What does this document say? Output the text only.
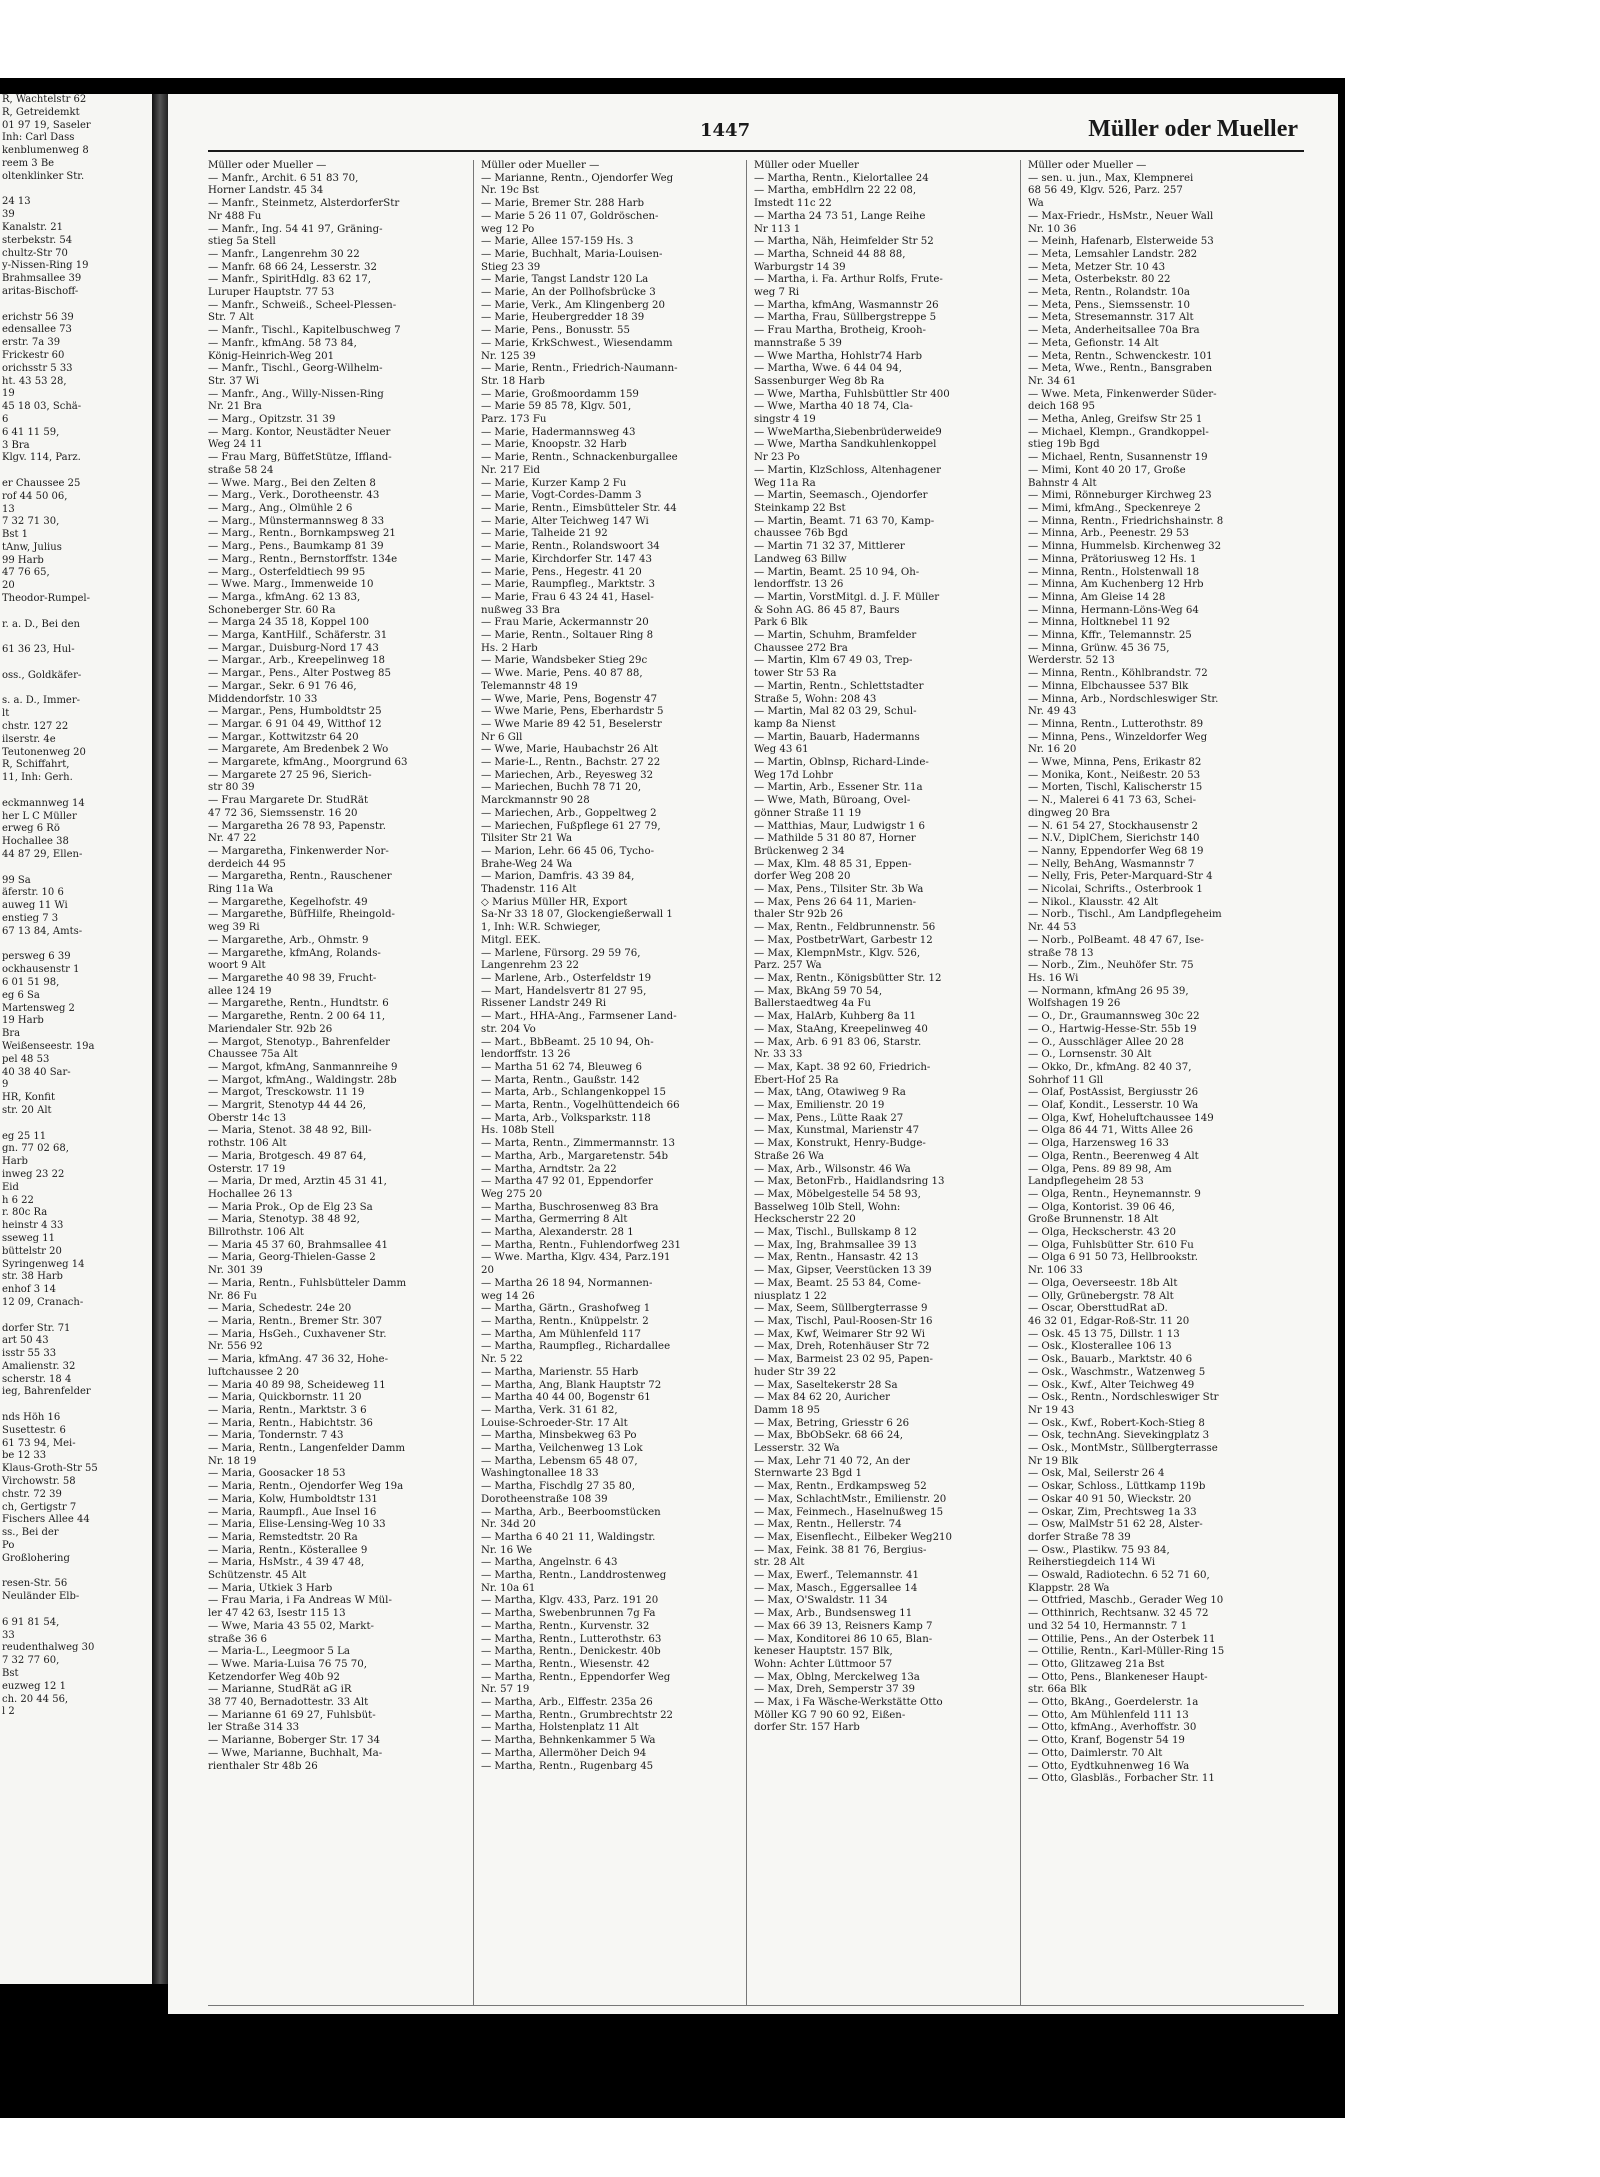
R, Wachtelstr 62
R, Getreidemkt
01 97 19, Saseler
Inh: Carl Dass
kenblumenweg 8
reem 3 Be
oltenklinker Str.

24 13
39
Kanalstr. 21
sterbekstr. 54
chultz-Str 70
y-Nissen-Ring 19
Brahmsallee 39
aritas-Bischoff-

erichstr 56 39
edensallee 73
erstr. 7a 39
Frickestr 60
orichsstr 5 33
ht. 43 53 28,
19
45 18 03, Schä-
6
6 41 11 59,
3 Bra
Klgv. 114, Parz.

er Chaussee 25
rof 44 50 06,
13
7 32 71 30,
Bst 1
tAnw, Julius
99 Harb
47 76 65,
20
Theodor-Rumpel-

r. a. D., Bei den

61 36 23, Hul-

oss., Goldkäfer-

s. a. D., Immer-
lt
chstr. 127 22
ilserstr. 4e
Teutonenweg 20
R, Schiffahrt,
11, Inh: Gerh.

eckmannweg 14
her L C Müller
erweg 6 Rö
Hochallee 38
44 87 29, Ellen-

99 Sa
äferstr. 10 6
auweg 11 Wi
enstieg 7 3
67 13 84, Amts-

persweg 6 39
ockhausenstr 1
6 01 51 98,
eg 6 Sa
Martensweg 2
19 Harb
Bra
Weißenseestr. 19a
pel 48 53
40 38 40 Sar-
9
HR, Konfit
str. 20 Alt

eg 25 11
gn. 77 02 68,
Harb
inweg 23 22
Eid
h 6 22
r. 80c Ra
heinstr 4 33
sseweg 11
büttelstr 20
Syringenweg 14
str. 38 Harb
enhof 3 14
12 09, Cranach-

dorfer Str. 71
art 50 43
isstr 55 33
Amalienstr. 32
scherstr. 18 4
ieg, Bahrenfelder

nds Höh 16
Susettestr. 6
61 73 94, Mei-
be 12 33
Klaus-Groth-Str 55
Virchowstr. 58
chstr. 72 39
ch, Gertigstr 7
Fischers Allee 44
ss., Bei der
Po
Großlohering

resen-Str. 56
Neuländer Elb-

6 91 81 54,
33
reudenthalweg 30
7 32 77 60,
Bst
euzweg 12 1
ch. 20 44 56,
l 2
1447	Müller oder Mueller
Müller oder Mueller —
— Manfr., Archit. 6 51 83 70,
Horner Landstr. 45 34
— Manfr., Steinmetz, AlsterdorferStr
Nr 488 Fu
— Manfr., Ing. 54 41 97, Gräning-
stieg 5a Stell
— Manfr., Langenrehm 30 22
— Manfr. 68 66 24, Lesserstr. 32
— Manfr., SpiritHdlg. 83 62 17,
Luruper Hauptstr. 77 53
— Manfr., Schweiß., Scheel-Plessen-
Str. 7 Alt
— Manfr., Tischl., Kapitelbuschweg 7
— Manfr., kfmAng. 58 73 84,
König-Heinrich-Weg 201
— Manfr., Tischl., Georg-Wilhelm-
Str. 37 Wi
— Manfr., Ang., Willy-Nissen-Ring
Nr. 21 Bra
— Marg., Opitzstr. 31 39
— Marg. Kontor, Neustädter Neuer
Weg 24 11
— Frau Marg, BüffetStütze, Iffland-
straße 58 24
— Wwe. Marg., Bei den Zelten 8
— Marg., Verk., Dorotheenstr. 43
— Marg., Ang., Olmühle 2 6
— Marg., Münstermannsweg 8 33
— Marg., Rentn., Bornkampsweg 21
— Marg., Pens., Baumkamp 81 39
— Marg., Rentn., Bernstorffstr. 134e
— Marg., Osterfeldtiech 99 95
— Wwe. Marg., Immenweide 10
— Marga., kfmAng. 62 13 83,
Schoneberger Str. 60 Ra
— Marga 24 35 18, Koppel 100
— Marga, KantHilf., Schäferstr. 31
— Margar., Duisburg-Nord 17 43
— Margar., Arb., Kreepelinweg 18
— Margar., Pens., Alter Postweg 85
— Margar., Sekr. 6 91 76 46,
Middendorfstr. 10 33
— Margar., Pens, Humboldtstr 25
— Margar. 6 91 04 49, Witthof 12
— Margar., Kottwitzstr 64 20
— Margarete, Am Bredenbek 2 Wo
— Margarete, kfmAng., Moorgrund 63
— Margarete 27 25 96, Sierich-
str 80 39
— Frau Margarete Dr. StudRät
47 72 36, Siemssenstr. 16 20
— Margaretha 26 78 93, Papenstr.
Nr. 47 22
— Margaretha, Finkenwerder Nor-
derdeich 44 95
— Margaretha, Rentn., Rauschener
Ring 11a Wa
— Margarethe, Kegelhofstr. 49
— Margarethe, BüfHilfe, Rheingold-
weg 39 Ri
— Margarethe, Arb., Ohmstr. 9
— Margarethe, kfmAng, Rolands-
woort 9 Alt
— Margarethe 40 98 39, Frucht-
allee 124 19
— Margarethe, Rentn., Hundtstr. 6
— Margarethe, Rentn. 2 00 64 11,
Mariendaler Str. 92b 26
— Margot, Stenotyp., Bahrenfelder
Chaussee 75a Alt
— Margot, kfmAng, Sanmannreihe 9
— Margot, kfmAng., Waldingstr. 28b
— Margot, Tresckowstr. 11 19
— Margrit, Stenotyp 44 44 26,
Oberstr 14c 13
— Maria, Stenot. 38 48 92, Bill-
rothstr. 106 Alt
— Maria, Brotgesch. 49 87 64,
Osterstr. 17 19
— Maria, Dr med, Ärztin 45 31 41,
Hochallee 26 13
— Maria Prok., Op de Elg 23 Sa
— Maria, Stenotyp. 38 48 92,
Billrothstr. 106 Alt
— Maria 45 37 60, Brahmsallee 41
— Maria, Georg-Thielen-Gasse 2
Nr. 301 39
— Maria, Rentn., Fuhlsbütteler Damm
Nr. 86 Fu
— Maria, Schedestr. 24e 20
— Maria, Rentn., Bremer Str. 307
— Maria, HsGeh., Cuxhavener Str.
Nr. 556 92
— Maria, kfmAng. 47 36 32, Hohe-
luftchaussee 2 20
— Maria 40 89 98, Scheideweg 11
— Maria, Quickbornstr. 11 20
— Maria, Rentn., Marktstr. 3 6
— Maria, Rentn., Habichtstr. 36
— Maria, Tondernstr. 7 43
— Maria, Rentn., Langenfelder Damm
Nr. 18 19
— Maria, Goosacker 18 53
— Maria, Rentn., Ojendorfer Weg 19a
— Maria, Kolw, Humboldtstr 131
— Maria, Raumpfl., Aue Insel 16
— Maria, Elise-Lensing-Weg 10 33
— Maria, Remstedtstr. 20 Ra
— Maria, Rentn., Kösterallee 9
— Maria, HsMstr., 4 39 47 48,
Schützenstr. 45 Alt
— Maria, Utkiek 3 Harb
— Frau Maria, i Fa Andreas W Mül-
ler 47 42 63, Isestr 115 13
— Wwe, Maria 43 55 02, Markt-
straße 36 6
— Maria-L., Leegmoor 5 La
— Wwe. Maria-Luisa 76 75 70,
Ketzendorfer Weg 40b 92
— Marianne, StudRät aG iR
38 77 40, Bernadottestr. 33 Alt
— Marianne 61 69 27, Fuhlsbüt-
ler Straße 314 33
— Marianne, Boberger Str. 17 34
— Wwe, Marianne, Buchhalt, Ma-
rienthaler Str 48b 26
Müller oder Mueller —
— Marianne, Rentn., Ojendorfer Weg
Nr. 19c Bst
— Marie, Bremer Str. 288 Harb
— Marie 5 26 11 07, Goldröschen-
weg 12 Po
— Marie, Allee 157-159 Hs. 3
— Marie, Buchhalt, Maria-Louisen-
Stieg 23 39
— Marie, Tangst Landstr 120 La
— Marie, An der Pollhofsbrücke 3
— Marie, Verk., Am Klingenberg 20
— Marie, Heubergredder 18 39
— Marie, Pens., Bonusstr. 55
— Marie, KrkSchwest., Wiesendamm
Nr. 125 39
— Marie, Rentn., Friedrich-Naumann-
Str. 18 Harb
— Marie, Großmoordamm 159
— Marie 59 85 78, Klgv. 501,
Parz. 173 Fu
— Marie, Hadermannsweg 43
— Marie, Knoopstr. 32 Harb
— Marie, Rentn., Schnackenburgallee
Nr. 217 Eid
— Marie, Kurzer Kamp 2 Fu
— Marie, Vogt-Cordes-Damm 3
— Marie, Rentn., Eimsbütteler Str. 44
— Marie, Alter Teichweg 147 Wi
— Marie, Talheide 21 92
— Marie, Rentn., Rolandswoort 34
— Marie, Kirchdorfer Str. 147 43
— Marie, Pens., Hegestr. 41 20
— Marie, Raumpfleg., Marktstr. 3
— Marie, Frau 6 43 24 41, Hasel-
nußweg 33 Bra
— Frau Marie, Ackermannstr 20
— Marie, Rentn., Soltauer Ring 8
Hs. 2 Harb
— Marie, Wandsbeker Stieg 29c
— Wwe. Marie, Pens. 40 87 88,
Telemannstr 48 19
— Wwe, Marie, Pens, Bogenstr 47
— Wwe Marie, Pens, Eberhardstr 5
— Wwe Marie 89 42 51, Beselerstr
Nr 6 Gll
— Wwe, Marie, Haubachstr 26 Alt
— Marie-L., Rentn., Bachstr. 27 22
— Mariechen, Arb., Reyesweg 32
— Mariechen, Buchh 78 71 20,
Marckmannstr 90 28
— Mariechen, Arb., Goppeltweg 2
— Mariechen, Fußpflege 61 27 79,
Tilsiter Str 21 Wa
— Marion, Lehr. 66 45 06, Tycho-
Brahe-Weg 24 Wa
— Marion, Damfris. 43 39 84,
Thadenstr. 116 Alt
◇ Marius Müller HR, Export
Sa-Nr 33 18 07, Glockengießerwall 1
1, Inh: W.R. Schwieger,
Mitgl. EEK.
— Marlene, Fürsorg. 29 59 76,
Langenrehm 23 22
— Marlene, Arb., Osterfeldstr 19
— Mart, Handelsvertr 81 27 95,
Rissener Landstr 249 Ri
— Mart., HHA-Ang., Farmsener Land-
str. 204 Vo
— Mart., BbBeamt. 25 10 94, Oh-
lendorffstr. 13 26
— Martha 51 62 74, Bleuweg 6
— Marta, Rentn., Gaußstr. 142
— Marta, Arb., Schlangenkoppel 15
— Marta, Rentn., Vogelhüttendeich 66
— Marta, Arb., Volksparkstr. 118
Hs. 108b Stell
— Marta, Rentn., Zimmermannstr. 13
— Martha, Arb., Margaretenstr. 54b
— Martha, Arndtstr. 2a 22
— Martha 47 92 01, Eppendorfer
Weg 275 20
— Martha, Buschrosenweg 83 Bra
— Martha, Germerring 8 Alt
— Martha, Alexanderstr. 28 1
— Martha, Rentn., Fuhlendorfweg 231
— Wwe. Martha, Klgv. 434, Parz.191
20
— Martha 26 18 94, Normannen-
weg 14 26
— Martha, Gärtn., Grashofweg 1
— Martha, Rentn., Knüppelstr. 2
— Martha, Am Mühlenfeld 117
— Martha, Raumpfleg., Richardallee
Nr. 5 22
— Martha, Marienstr. 55 Harb
— Martha, Ang, Blank Hauptstr 72
— Martha 40 44 00, Bogenstr 61
— Martha, Verk. 31 61 82,
Louise-Schroeder-Str. 17 Alt
— Martha, Minsbekweg 63 Po
— Martha, Veilchenweg 13 Lok
— Martha, Lebensm 65 48 07,
Washingtonallee 18 33
— Martha, Fischdlg 27 35 80,
Dorotheenstraße 108 39
— Martha, Arb., Beerboomstücken
Nr. 34d 20
— Martha 6 40 21 11, Waldingstr.
Nr. 16 We
— Martha, Angelnstr. 6 43
— Martha, Rentn., Landdrostenweg
Nr. 10a 61
— Martha, Klgv. 433, Parz. 191 20
— Martha, Swebenbrunnen 7g Fa
— Martha, Rentn., Kurvenstr. 32
— Martha, Rentn., Lutterothstr. 63
— Martha, Rentn., Denickestr. 40b
— Martha, Rentn., Wiesenstr. 42
— Martha, Rentn., Eppendorfer Weg
Nr. 57 19
— Martha, Arb., Elffestr. 235a 26
— Martha, Rentn., Grumbrechtstr 22
— Martha, Holstenplatz 11 Alt
— Martha, Behnkenkammer 5 Wa
— Martha, Allermöher Deich 94
— Martha, Rentn., Rugenbarg 45
Müller oder Mueller
— Martha, Rentn., Kielortallee 24
— Martha, embHdlrn 22 22 08,
Imstedt 11c 22
— Martha 24 73 51, Lange Reihe
Nr 113 1
— Martha, Näh, Heimfelder Str 52
— Martha, Schneid 44 88 88,
Warburgstr 14 39
— Martha, i. Fa. Arthur Rolfs, Frute-
weg 7 Ri
— Martha, kfmAng, Wasmannstr 26
— Martha, Frau, Süllbergstreppe 5
— Frau Martha, Brotheig, Krooh-
mannstraße 5 39
— Wwe Martha, Hohlstr74 Harb
— Martha, Wwe. 6 44 04 94,
Sassenburger Weg 8b Ra
— Wwe, Martha, Fuhlsbüttler Str 400
— Wwe, Martha 40 18 74, Cla-
singstr 4 19
— WweMartha,Siebenbrüderweide9
— Wwe, Martha Sandkuhlenkoppel
Nr 23 Po
— Martin, KlzSchloss, Altenhagener
Weg 11a Ra
— Martin, Seemasch., Ojendorfer
Steinkamp 22 Bst
— Martin, Beamt. 71 63 70, Kamp-
chaussee 76b Bgd
— Martin 71 32 37, Mittlerer
Landweg 63 Billw
— Martin, Beamt. 25 10 94, Oh-
lendorffstr. 13 26
— Martin, VorstMitgl. d. J. F. Müller
& Sohn AG. 86 45 87, Baurs
Park 6 Blk
— Martin, Schuhm, Bramfelder
Chaussee 272 Bra
— Martin, Klm 67 49 03, Trep-
tower Str 53 Ra
— Martin, Rentn., Schlettstadter
Straße 5, Wohn: 208 43
— Martin, Mal 82 03 29, Schul-
kamp 8a Nienst
— Martin, Bauarb, Hadermanns
Weg 43 61
— Martin, Oblnsp, Richard-Linde-
Weg 17d Lohbr
— Martin, Arb., Essener Str. 11a
— Wwe, Math, Büroang, Ovel-
gönner Straße 11 19
— Matthias, Maur, Ludwigstr 1 6
— Mathilde 5 31 80 87, Horner
Brückenweg 2 34
— Max, Klm. 48 85 31, Eppen-
dorfer Weg 208 20
— Max, Pens., Tilsiter Str. 3b Wa
— Max, Pens 26 64 11, Marien-
thaler Str 92b 26
— Max, Rentn., Feldbrunnenstr. 56
— Max, PostbetrWart, Garbestr 12
— Max, KlempnMstr., Klgv. 526,
Parz. 257 Wa
— Max, Rentn., Königsbütter Str. 12
— Max, BkAng 59 70 54,
Ballerstaedtweg 4a Fu
— Max, HalArb, Kuhberg 8a 11
— Max, StaAng, Kreepelinweg 40
— Max, Arb. 6 91 83 06, Starstr.
Nr. 33 33
— Max, Kapt. 38 92 60, Friedrich-
Ebert-Hof 25 Ra
— Max, tAng, Otawiweg 9 Ra
— Max, Emilienstr. 20 19
— Max, Pens., Lütte Raak 27
— Max, Kunstmal, Marienstr 47
— Max, Konstrukt, Henry-Budge-
Straße 26 Wa
— Max, Arb., Wilsonstr. 46 Wa
— Max, BetonFrb., Haidlandsring 13
— Max, Möbelgestelle 54 58 93,
Basselweg 10lb Stell, Wohn:
Heckscherstr 22 20
— Max, Tischl., Bullskamp 8 12
— Max, Ing, Brahmsallee 39 13
— Max, Rentn., Hansastr. 42 13
— Max, Gipser, Veerstücken 13 39
— Max, Beamt. 25 53 84, Come-
niusplatz 1 22
— Max, Seem, Süllbergterrasse 9
— Max, Tischl, Paul-Roosen-Str 16
— Max, Kwf, Weimarer Str 92 Wi
— Max, Dreh, Rotenhäuser Str 72
— Max, Barmeist 23 02 95, Papen-
huder Str 39 22
— Max, Saseltekerstr 28 Sa
— Max 84 62 20, Auricher
Damm 18 95
— Max, Betring, Griesstr 6 26
— Max, BbObSekr. 68 66 24,
Lesserstr. 32 Wa
— Max, Lehr 71 40 72, An der
Sternwarte 23 Bgd 1
— Max, Rentn., Erdkampsweg 52
— Max, SchlachtMstr., Emilienstr. 20
— Max, Feinmech., Haselnußweg 15
— Max, Rentn., Hellerstr. 74
— Max, Eisenflecht., Eilbeker Weg210
— Max, Feink. 38 81 76, Bergius-
str. 28 Alt
— Max, Ewerf., Telemannstr. 41
— Max, Masch., Eggersallee 14
— Max, O'Swaldstr. 11 34
— Max, Arb., Bundsensweg 11
— Max 66 39 13, Reisners Kamp 7
— Max, Konditorei 86 10 65, Blan-
keneser Hauptstr. 157 Blk,
Wohn: Achter Lüttmoor 57
— Max, Oblng, Merckelweg 13a
— Max, Dreh, Semperstr 37 39
— Max, i Fa Wäsche-Werkstätte Otto
Möller KG 7 90 60 92, Eißen-
dorfer Str. 157 Harb
Müller oder Mueller —
— sen. u. jun., Max, Klempnerei
68 56 49, Klgv. 526, Parz. 257
Wa
— Max-Friedr., HsMstr., Neuer Wall
Nr. 10 36
— Meinh, Hafenarb, Elsterweide 53
— Meta, Lemsahler Landstr. 282
— Meta, Metzer Str. 10 43
— Meta, Osterbekstr. 80 22
— Meta, Rentn., Rolandstr. 10a
— Meta, Pens., Siemssenstr. 10
— Meta, Stresemannstr. 317 Alt
— Meta, Anderheitsallee 70a Bra
— Meta, Gefionstr. 14 Alt
— Meta, Rentn., Schwenckestr. 101
— Meta, Wwe., Rentn., Bansgraben
Nr. 34 61
— Wwe. Meta, Finkenwerder Süder-
deich 168 95
— Metha, Anleg, Greifsw Str 25 1
— Michael, Klempn., Grandkoppel-
stieg 19b Bgd
— Michael, Rentn, Susannenstr 19
— Mimi, Kont 40 20 17, Große
Bahnstr 4 Alt
— Mimi, Rönneburger Kirchweg 23
— Mimi, kfmAng., Speckenreye 2
— Minna, Rentn., Friedrichshainstr. 8
— Minna, Arb., Peenestr. 29 53
— Minna, Hummelsb. Kirchenweg 32
— Minna, Prätoriusweg 12 Hs. 1
— Minna, Rentn., Holstenwall 18
— Minna, Am Kuchenberg 12 Hrb
— Minna, Am Gleise 14 28
— Minna, Hermann-Löns-Weg 64
— Minna, Holtknebel 11 92
— Minna, Kffr., Telemannstr. 25
— Minna, Grünw. 45 36 75,
Werderstr. 52 13
— Minna, Rentn., Köhlbrandstr. 72
— Minna, Elbchaussee 537 Blk
— Minna, Arb., Nordschleswiger Str.
Nr. 49 43
— Minna, Rentn., Lutterothstr. 89
— Minna, Pens., Winzeldorfer Weg
Nr. 16 20
— Wwe, Minna, Pens, Erikastr 82
— Monika, Kont., Neißestr. 20 53
— Morten, Tischl, Kalischerstr 15
— N., Malerei 6 41 73 63, Schei-
dingweg 20 Bra
— N. 61 54 27, Stockhausenstr 2
— N.V., DiplChem, Sierichstr 140
— Nanny, Eppendorfer Weg 68 19
— Nelly, BehAng, Wasmannstr 7
— Nelly, Fris, Peter-Marquard-Str 4
— Nicolai, Schrifts., Osterbrook 1
— Nikol., Klausstr. 42 Alt
— Norb., Tischl., Am Landpflegeheim
Nr. 44 53
— Norb., PolBeamt. 48 47 67, Ise-
straße 78 13
— Norb., Zim., Neuhöfer Str. 75
Hs. 16 Wi
— Normann, kfmAng 26 95 39,
Wolfshagen 19 26
— O., Dr., Graumannsweg 30c 22
— O., Hartwig-Hesse-Str. 55b 19
— O., Ausschläger Allee 20 28
— O., Lornsenstr. 30 Alt
— Okko, Dr., kfmAng. 82 40 37,
Sohrhof 11 Gll
— Olaf, PostAssist, Bergiusstr 26
— Olaf, Kondit., Lesserstr. 10 Wa
— Olga, Kwf, Hoheluftchaussee 149
— Olga 86 44 71, Witts Allee 26
— Olga, Harzensweg 16 33
— Olga, Rentn., Beerenweg 4 Alt
— Olga, Pens. 89 89 98, Am
Landpflegeheim 28 53
— Olga, Rentn., Heynemannstr. 9
— Olga, Kontorist. 39 06 46,
Große Brunnenstr. 18 Alt
— Olga, Heckscherstr. 43 20
— Olga, Fuhlsbütter Str. 610 Fu
— Olga 6 91 50 73, Hellbrookstr.
Nr. 106 33
— Olga, Oeverseestr. 18b Alt
— Olly, Grünebergstr. 78 Alt
— Oscar, ObersttudRat aD.
46 32 01, Edgar-Roß-Str. 11 20
— Osk. 45 13 75, Dillstr. 1 13
— Osk., Klosterallee 106 13
— Osk., Bauarb., Marktstr. 40 6
— Osk., Waschmstr., Watzenweg 5
— Osk., Kwf., Alter Teichweg 49
— Osk., Rentn., Nordschleswiger Str
Nr 19 43
— Osk., Kwf., Robert-Koch-Stieg 8
— Osk, technAng. Sievekingplatz 3
— Osk., MontMstr., Süllbergterrasse
Nr 19 Blk
— Osk, Mal, Seilerstr 26 4
— Oskar, Schloss., Lüttkamp 119b
— Oskar 40 91 50, Wieckstr. 20
— Oskar, Zim, Prechtsweg 1a 33
— Osw, MalMstr 51 62 28, Alster-
dorfer Straße 78 39
— Osw., Plastikw. 75 93 84,
Reiherstiegdeich 114 Wi
— Oswald, Radiotechn. 6 52 71 60,
Klappstr. 28 Wa
— Ottfried, Maschb., Gerader Weg 10
— Otthinrich, Rechtsanw. 32 45 72
und 32 54 10, Hermannstr. 7 1
— Ottilie, Pens., An der Osterbek 11
— Ottilie, Rentn., Karl-Müller-Ring 15
— Otto, Glitzaweg 21a Bst
— Otto, Pens., Blankeneser Haupt-
str. 66a Blk
— Otto, BkAng., Goerdelerstr. 1a
— Otto, Am Mühlenfeld 111 13
— Otto, kfmAng., Averhoffstr. 30
— Otto, Kranf, Bogenstr 54 19
— Otto, Daimlerstr. 70 Alt
— Otto, Eydtkuhnenweg 16 Wa
— Otto, Glasbläs., Forbacher Str. 11
